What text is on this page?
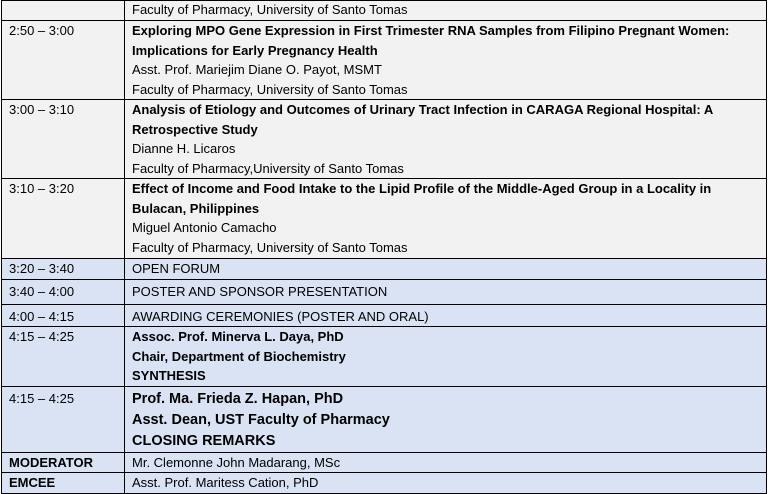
	Faculty of Pharmacy, University of Santo Tomas

2:50 – 3:00	Exploring MPO Gene Expression in First Trimester RNA Samples from Filipino Pregnant Women: Implications for Early Pregnancy Health
Asst. Prof. Mariejim Diane O. Payot, MSMT
Faculty of Pharmacy, University of Santo Tomas

3:00 – 3:10	Analysis of Etiology and Outcomes of Urinary Tract Infection in CARAGA Regional Hospital: A Retrospective Study
Dianne H. Licaros
Faculty of Pharmacy,University of Santo Tomas

3:10 – 3:20	Effect of Income and Food Intake to the Lipid Profile of the Middle-Aged Group in a Locality in Bulacan, Philippines
Miguel Antonio Camacho
Faculty of Pharmacy, University of Santo Tomas

3:20 – 3:40	OPEN FORUM

3:40 – 4:00	POSTER AND SPONSOR PRESENTATION

4:00 – 4:15	AWARDING CEREMONIES (POSTER AND ORAL)

4:15 – 4:25	Assoc. Prof. Minerva L. Daya, PhD
Chair, Department of Biochemistry
SYNTHESIS

4:15 – 4:25	Prof. Ma. Frieda Z. Hapan, PhD
Asst. Dean, UST Faculty of Pharmacy
CLOSING REMARKS

MODERATOR	Mr. Clemonne John Madarang, MSc

EMCEE	Asst. Prof. Maritess Cation, PhD
